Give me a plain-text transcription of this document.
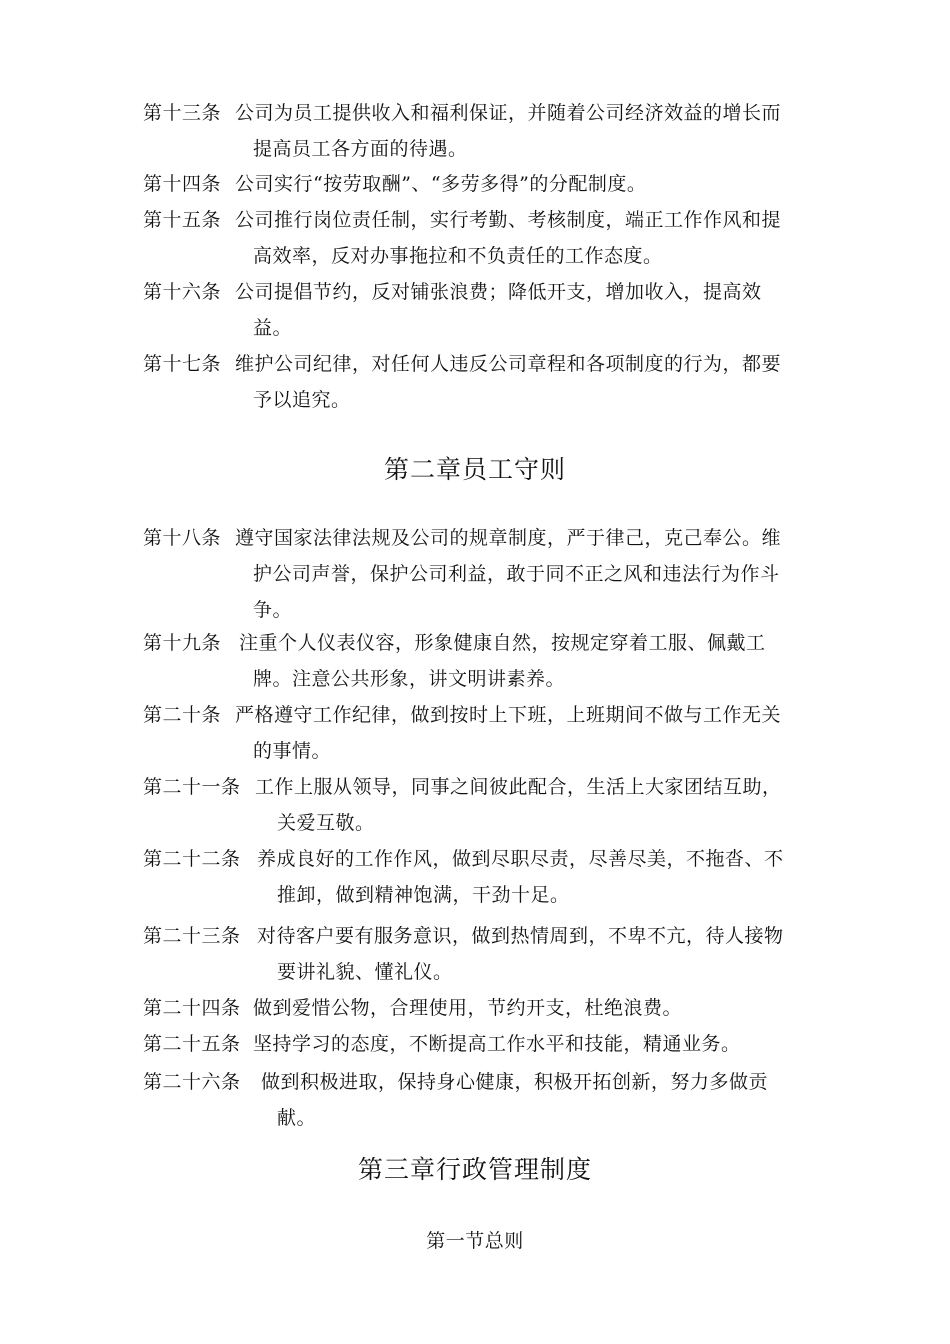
第十三条 公司为员工提供收入和福利保证，并随着公司经济效益的增长而
提高员工各方面的待遇。
第十四条 公司实行“按劳取酬”、“多劳多得”的分配制度。
第十五条 公司推行岗位责任制，实行考勤、考核制度，端正工作作风和提
高效率，反对办事拖拉和不负责任的工作态度。
第十六条 公司提倡节约，反对铺张浪费；降低开支，增加收入，提高效
益。
第十七条 维护公司纪律，对任何人违反公司章程和各项制度的行为，都要
予以追究。
第二章员工守则
第十八条 遵守国家法律法规及公司的规章制度，严于律己，克己奉公。维
护公司声誉，保护公司利益，敢于同不正之风和违法行为作斗
争。
第十九条 注重个人仪表仪容，形象健康自然，按规定穿着工服、佩戴工
牌。注意公共形象，讲文明讲素养。
第二十条 严格遵守工作纪律，做到按时上下班，上班期间不做与工作无关
的事情。
第二十一条 工作上服从领导，同事之间彼此配合，生活上大家团结互助，
关爱互敬。
第二十二条 养成良好的工作作风，做到尽职尽责，尽善尽美，不拖沓、不
推卸，做到精神饱满，干劲十足。
第二十三条 对待客户要有服务意识，做到热情周到，不卑不亢，待人接物
要讲礼貌、懂礼仪。
第二十四条 做到爱惜公物，合理使用，节约开支，杜绝浪费。
第二十五条 坚持学习的态度，不断提高工作水平和技能，精通业务。
第二十六条 做到积极进取，保持身心健康，积极开拓创新，努力多做贡
献。
第三章行政管理制度
第一节总则
